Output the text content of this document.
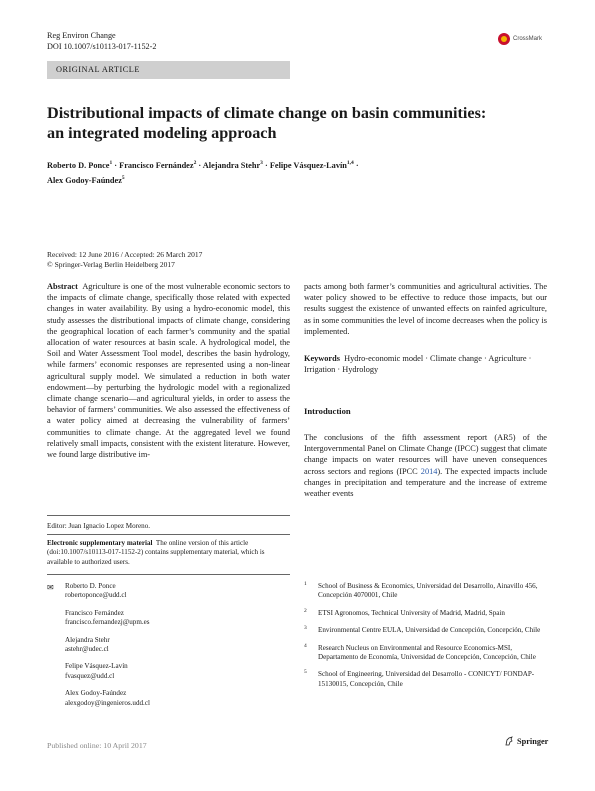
Reg Environ Change
DOI 10.1007/s10113-017-1152-2
CrossMark
ORIGINAL ARTICLE
Distributional impacts of climate change on basin communities:
an integrated modeling approach
Roberto D. Ponce$^1$ · Francisco Fernández$^2$ · Alejandra Stehr$^3$ · Felipe Vásquez-Lavín$^{1,4}$ ·
Alex Godoy-Faúndez$^5$
Received: 12 June 2016 / Accepted: 26 March 2017
© Springer-Verlag Berlin Heidelberg 2017
Abstract Agriculture is one of the most vulnerable economic sectors to the impacts of climate change, specifically those related with expected changes in water availability. By using a hydro-economic model, this study assesses the distributional impacts of climate change, considering the geographical location of each farmer’s community and the spatial allocation of water resources at basin scale. A hydrological model, the Soil and Water Assessment Tool model, describes the basin hydrology, while farmers’ economic responses are represented using a non-linear agricultural supply model. We simulated a reduction in both water endowment—by perturbing the hydrologic model with a regionalized climate change scenario—and agricultural yields, in order to assess the behavior of farmers’ communities. We also assessed the effectiveness of a water policy aimed at decreasing the vulnerability of farmers’ communities to climate change. At the aggregated level we found relatively small impacts, consistent with the existent literature. However, we found large distributive im-
pacts among both farmer’s communities and agricultural activities. The water policy showed to be effective to reduce those impacts, but our results suggest the existence of unwanted effects on rainfed agriculture, as in some communities the level of income decreases when the policy is implemented.
Keywords Hydro-economic model · Climate change · Agriculture · Irrigation · Hydrology
Introduction
The conclusions of the fifth assessment report (AR5) of the Intergovernmental Panel on Climate Change (IPCC) suggest that climate change impacts on water resources will have uneven consequences across sectors and regions (IPCC 2014). The expected impacts include changes in precipitation and temperature and the increase of extreme weather events
Editor: Juan Ignacio Lopez Moreno.
Electronic supplementary material The online version of this article (doi:10.1007/s10113-017-1152-2) contains supplementary material, which is available to authorized users.
✉ Roberto D. Ponce
robertoponce@udd.cl
Francisco Fernández
francisco.fernandezj@upm.es
Alejandra Stehr
astehr@udec.cl
Felipe Vásquez-Lavín
fvasquez@udd.cl
Alex Godoy-Faúndez
alexgodoy@ingenieros.udd.cl
1 School of Business & Economics, Universidad del Desarrollo, Ainavillo 456, Concepción 4070001, Chile
2 ETSI Agronomos, Technical University of Madrid, Madrid, Spain
3 Environmental Centre EULA, Universidad de Concepción, Concepción, Chile
4 Research Nucleus on Environmental and Resource Economics-MSI, Departamento de Economía, Universidad de Concepción, Concepción, Chile
5 School of Engineering, Universidad del Desarrollo - CONICYT/ FONDAP-15130015, Concepción, Chile
Published online: 10 April 2017	Springer
